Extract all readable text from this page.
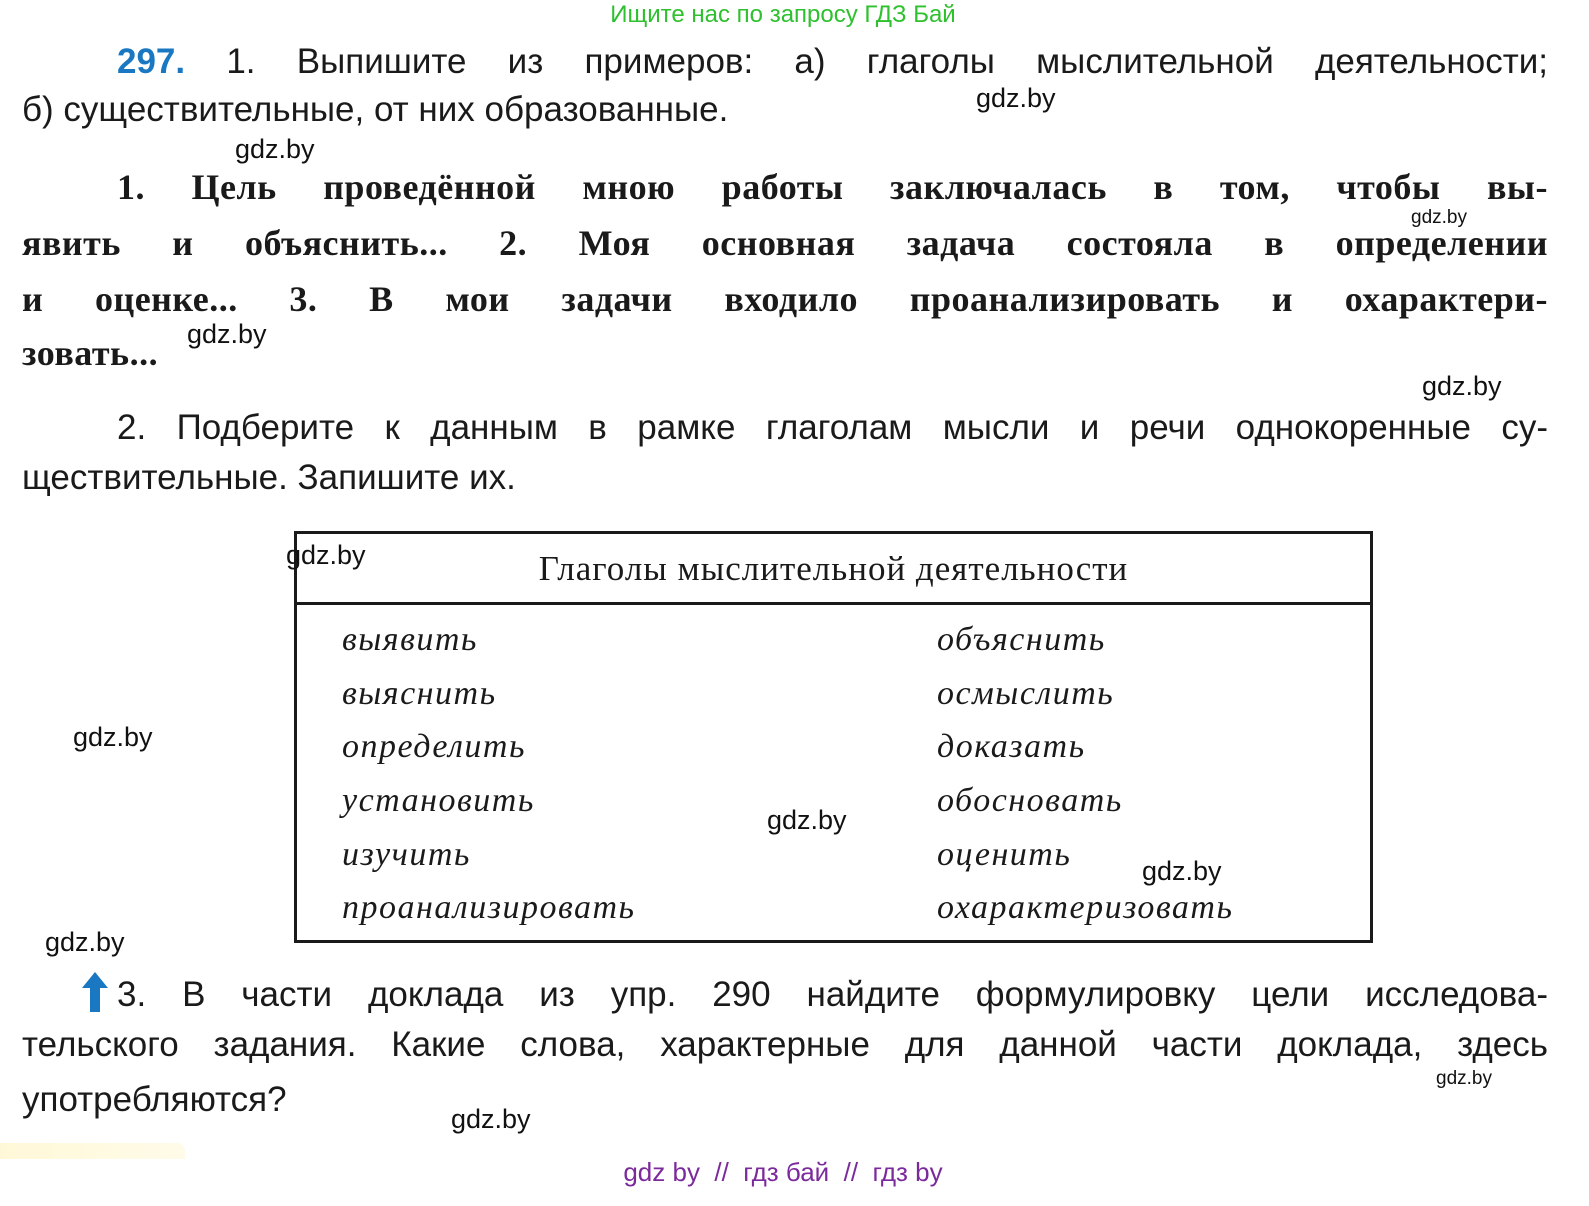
Ищите нас по запросу ГДЗ Бай
297. 1. Выпишите из примеров: а) глаголы мыслительной деятельности;
б) существительные, от них образованные.
1. Цель проведённой мною работы заключалась в том, чтобы вы-
явить и объяснить... 2. Моя основная задача состояла в определении
и оценке... 3. В мои задачи входило проанализировать и охарактери-
зовать...
2. Подберите к данным в рамке глаголам мысли и речи однокоренные су-
ществительные. Запишите их.
Глаголы мыслительной деятельности
выявить
выяснить
определить
установить
изучить
проанализировать
объяснить
осмыслить
доказать
обосновать
оценить
охарактеризовать
3. В части доклада из упр. 290 найдите формулировку цели исследова-
тельского задания. Какие слова, характерные для данной части доклада, здесь
употребляются?
gdz.by
gdz.by
gdz.by
gdz.by
gdz.by
gdz.by
gdz.by
gdz.by
gdz.by
gdz.by
gdz.by
gdz.by
gdz by  //  гдз бай  //  гдз by
